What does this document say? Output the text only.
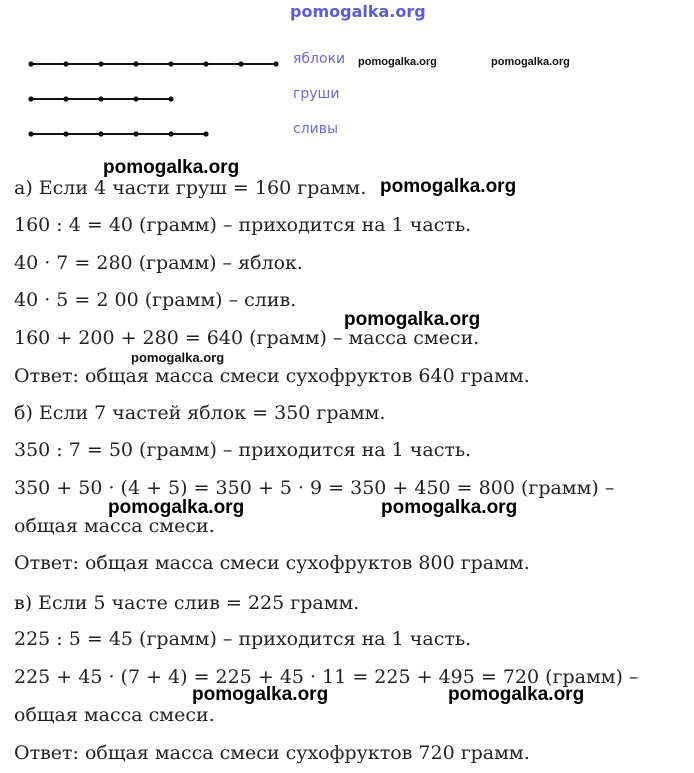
pomogalka.org
яблоки
груши
сливы
pomogalka.org	pomogalka.org
а) Если 4 части груш = 160 грамм.
160 : 4 = 40 (грамм) – приходится на 1 часть.
40 · 7 = 280 (грамм) – яблок.
40 · 5 = 2 00 (грамм) – слив.
160 + 200 + 280 = 640 (грамм) – масса смеси.
Ответ: общая масса смеси сухофруктов 640 грамм.
б) Если 7 частей яблок = 350 грамм.
350 : 7 = 50 (грамм) – приходится на 1 часть.
350 + 50 · (4 + 5) = 350 + 5 · 9 = 350 + 450 = 800 (грамм) –
общая масса смеси.
Ответ: общая масса смеси сухофруктов 800 грамм.
в) Если 5 часте слив = 225 грамм.
225 : 5 = 45 (грамм) – приходится на 1 часть.
225 + 45 · (7 + 4) = 225 + 45 · 11 = 225 + 495 = 720 (грамм) –
общая масса смеси.
Ответ: общая масса смеси сухофруктов 720 грамм.
pomogalka.org
pomogalka.org
pomogalka.org
pomogalka.org
pomogalka.org	pomogalka.org
pomogalka.org	pomogalka.org
